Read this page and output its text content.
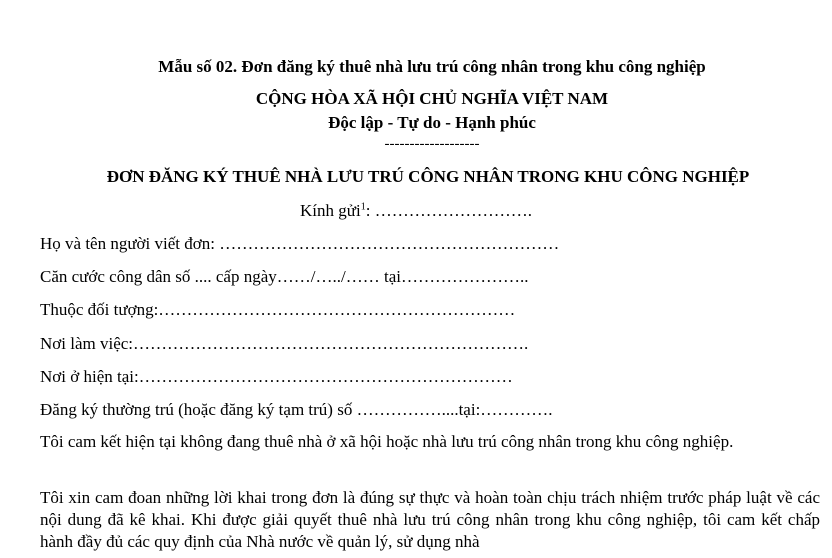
Mẫu số 02. Đơn đăng ký thuê nhà lưu trú công nhân trong khu công nghiệp
CỘNG HÒA XÃ HỘI CHỦ NGHĨA VIỆT NAM
Độc lập - Tự do - Hạnh phúc
-------------------
ĐƠN ĐĂNG KÝ THUÊ NHÀ LƯU TRÚ CÔNG NHÂN TRONG KHU CÔNG NGHIỆP
Kính gửi$^1$: ……………………….
Họ và tên người viết đơn: ……………………………………………………
Căn cước công dân số .... cấp ngày……/…../…… tại…………………..
Thuộc đối tượng:………………………………………………………
Nơi làm việc:…………………………………………………………….
Nơi ở hiện tại:…………………………………………………………
Đăng ký thường trú (hoặc đăng ký tạm trú) số ……………....tại:………….
Tôi cam kết hiện tại không đang thuê nhà ở xã hội hoặc nhà lưu trú công nhân trong khu công nghiệp.
Tôi xin cam đoan những lời khai trong đơn là đúng sự thực và hoàn toàn chịu trách nhiệm trước pháp luật về các nội dung đã kê khai. Khi được giải quyết thuê nhà lưu trú công nhân trong khu công nghiệp, tôi cam kết chấp hành đầy đủ các quy định của Nhà nước về quản lý, sử dụng nhà
